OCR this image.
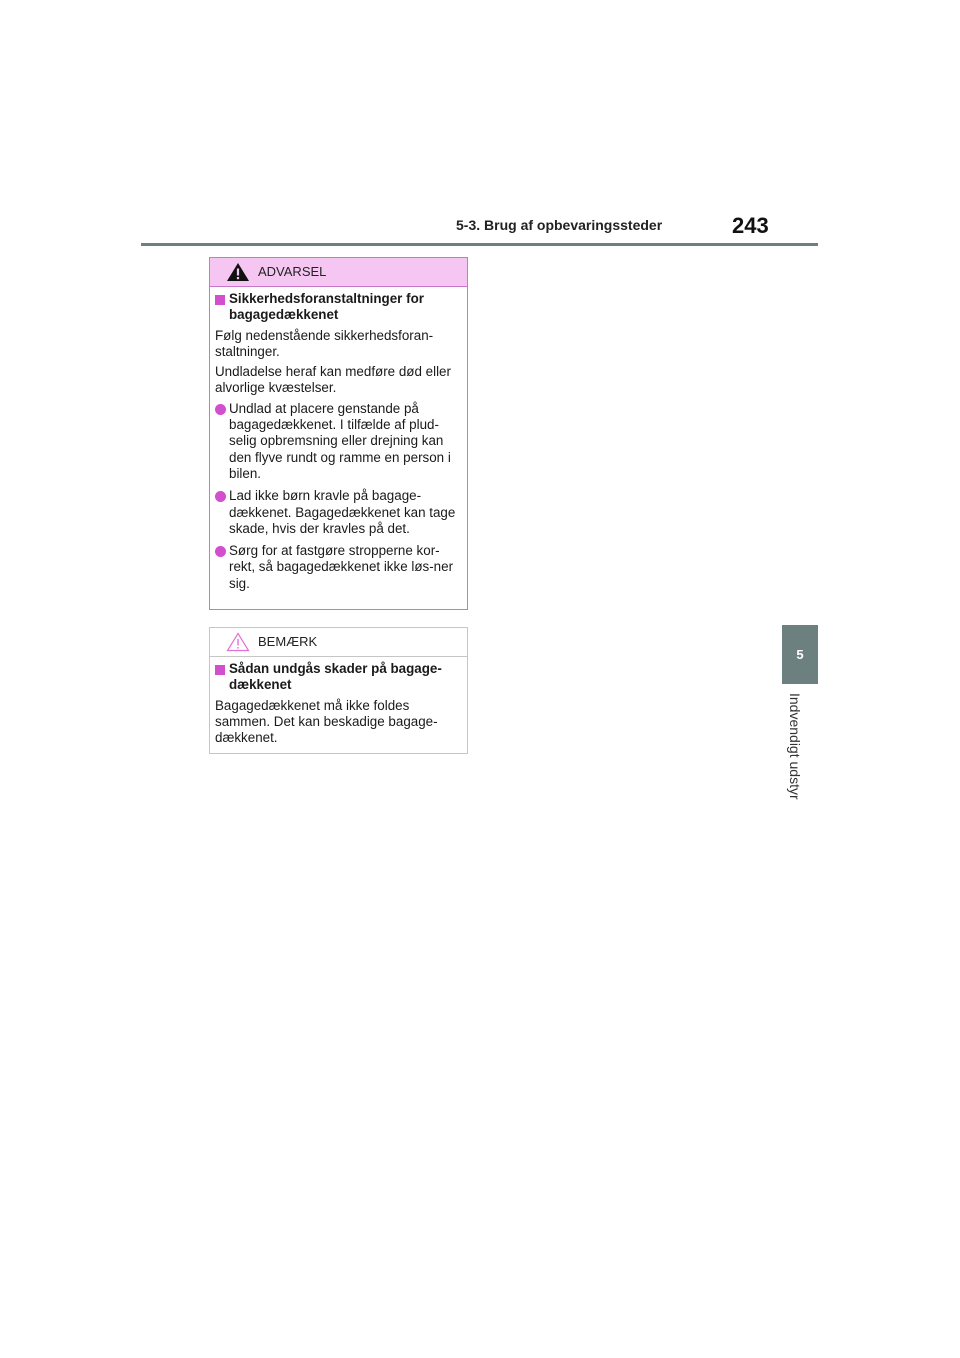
5-3. Brug af opbevaringssteder	243
5
Indvendigt udstyr
ADVARSEL
Sikkerhedsforanstaltninger for bagagedækkenet
Følg nedenstående sikkerhedsforan-staltninger.
Undladelse heraf kan medføre død eller alvorlige kvæstelser.
Undlad at placere genstande på bagagedækkenet. I tilfælde af plud-selig opbremsning eller drejning kan den flyve rundt og ramme en person i bilen.
Lad ikke børn kravle på bagage-dækkenet. Bagagedækkenet kan tage skade, hvis der kravles på det.
Sørg for at fastgøre stropperne kor-rekt, så bagagedækkenet ikke løs-ner sig.
BEMÆRK
Sådan undgås skader på bagage-dækkenet
Bagagedækkenet må ikke foldes sammen. Det kan beskadige bagage-dækkenet.
